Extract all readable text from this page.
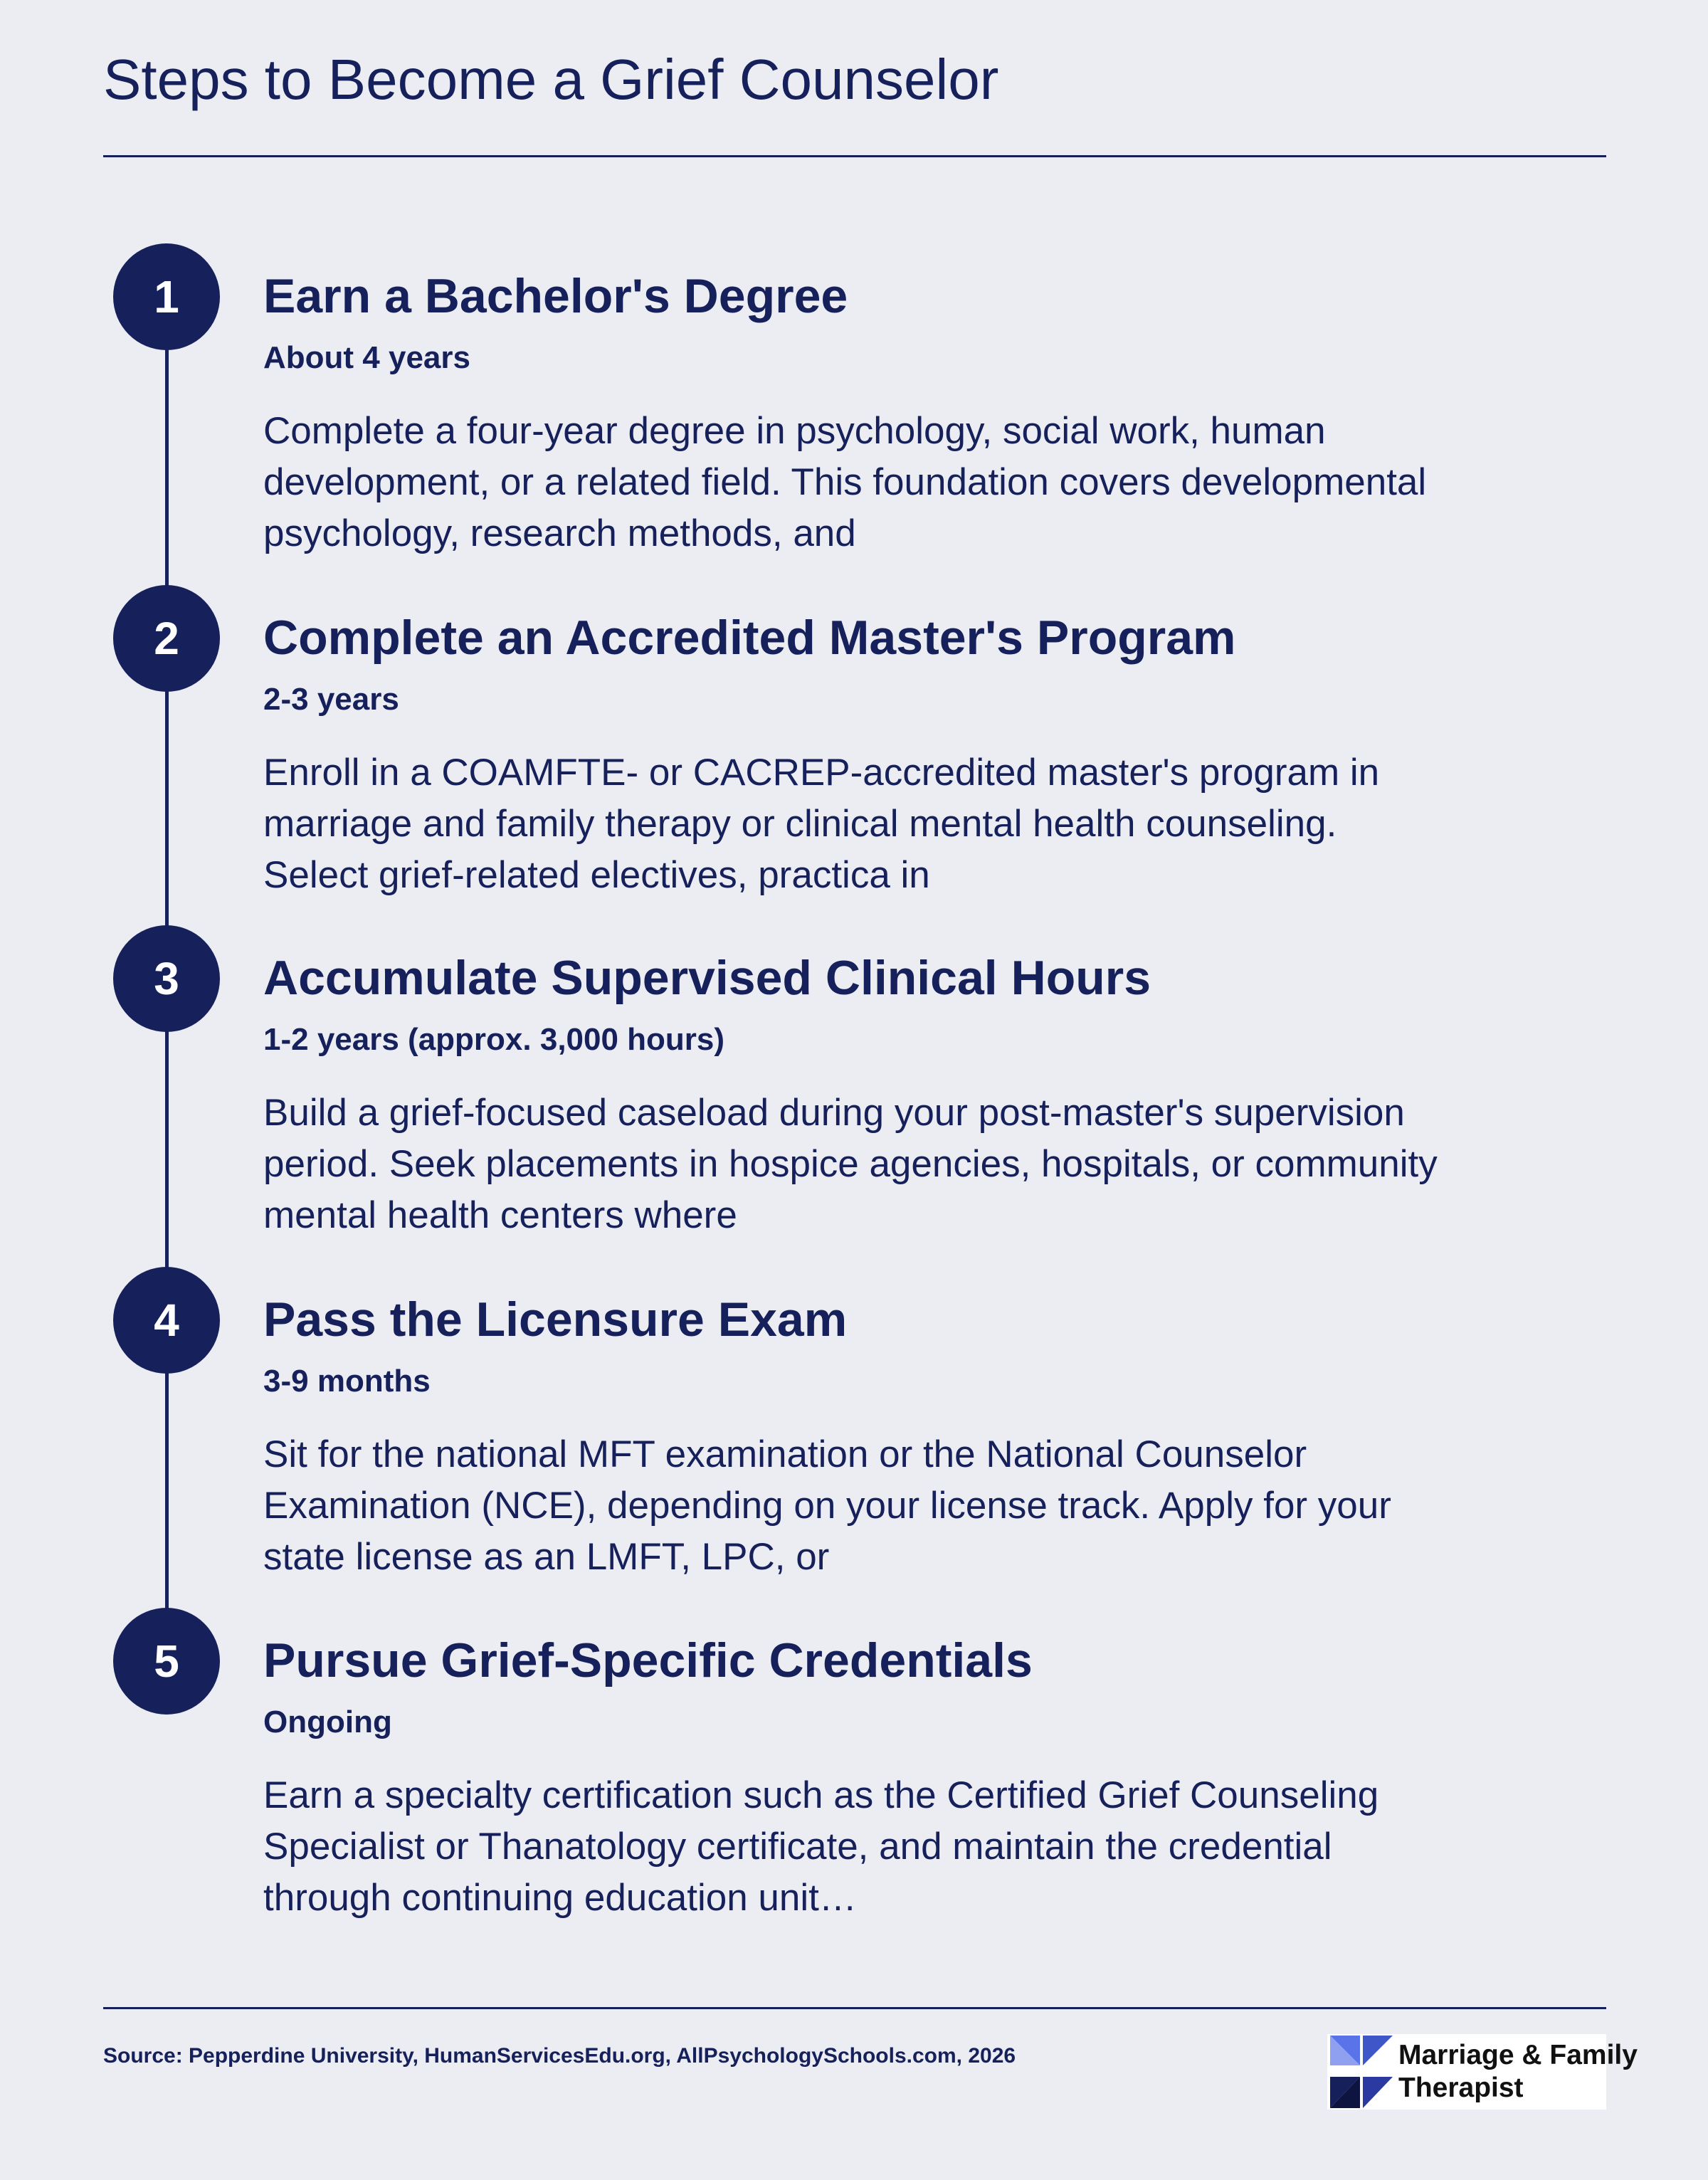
Steps to Become a Grief Counselor
1	Earn a Bachelor's Degree
About 4 years
Complete a four-year degree in psychology, social work, human development, or a related field. This foundation covers developmental psychology, research methods, and
2	Complete an Accredited Master's Program
2-3 years
Enroll in a COAMFTE- or CACREP-accredited master's program in marriage and family therapy or clinical mental health counseling. Select grief-related electives, practica in
3	Accumulate Supervised Clinical Hours
1-2 years (approx. 3,000 hours)
Build a grief-focused caseload during your post-master's supervision period. Seek placements in hospice agencies, hospitals, or community mental health centers where
4	Pass the Licensure Exam
3-9 months
Sit for the national MFT examination or the National Counselor Examination (NCE), depending on your license track. Apply for your state license as an LMFT, LPC, or
5	Pursue Grief-Specific Credentials
Ongoing
Earn a specialty certification such as the Certified Grief Counseling Specialist or Thanatology certificate, and maintain the credential through continuing education unit…
Source: Pepperdine University, HumanServicesEdu.org, AllPsychologySchools.com, 2026	Marriage & Family
Therapist
